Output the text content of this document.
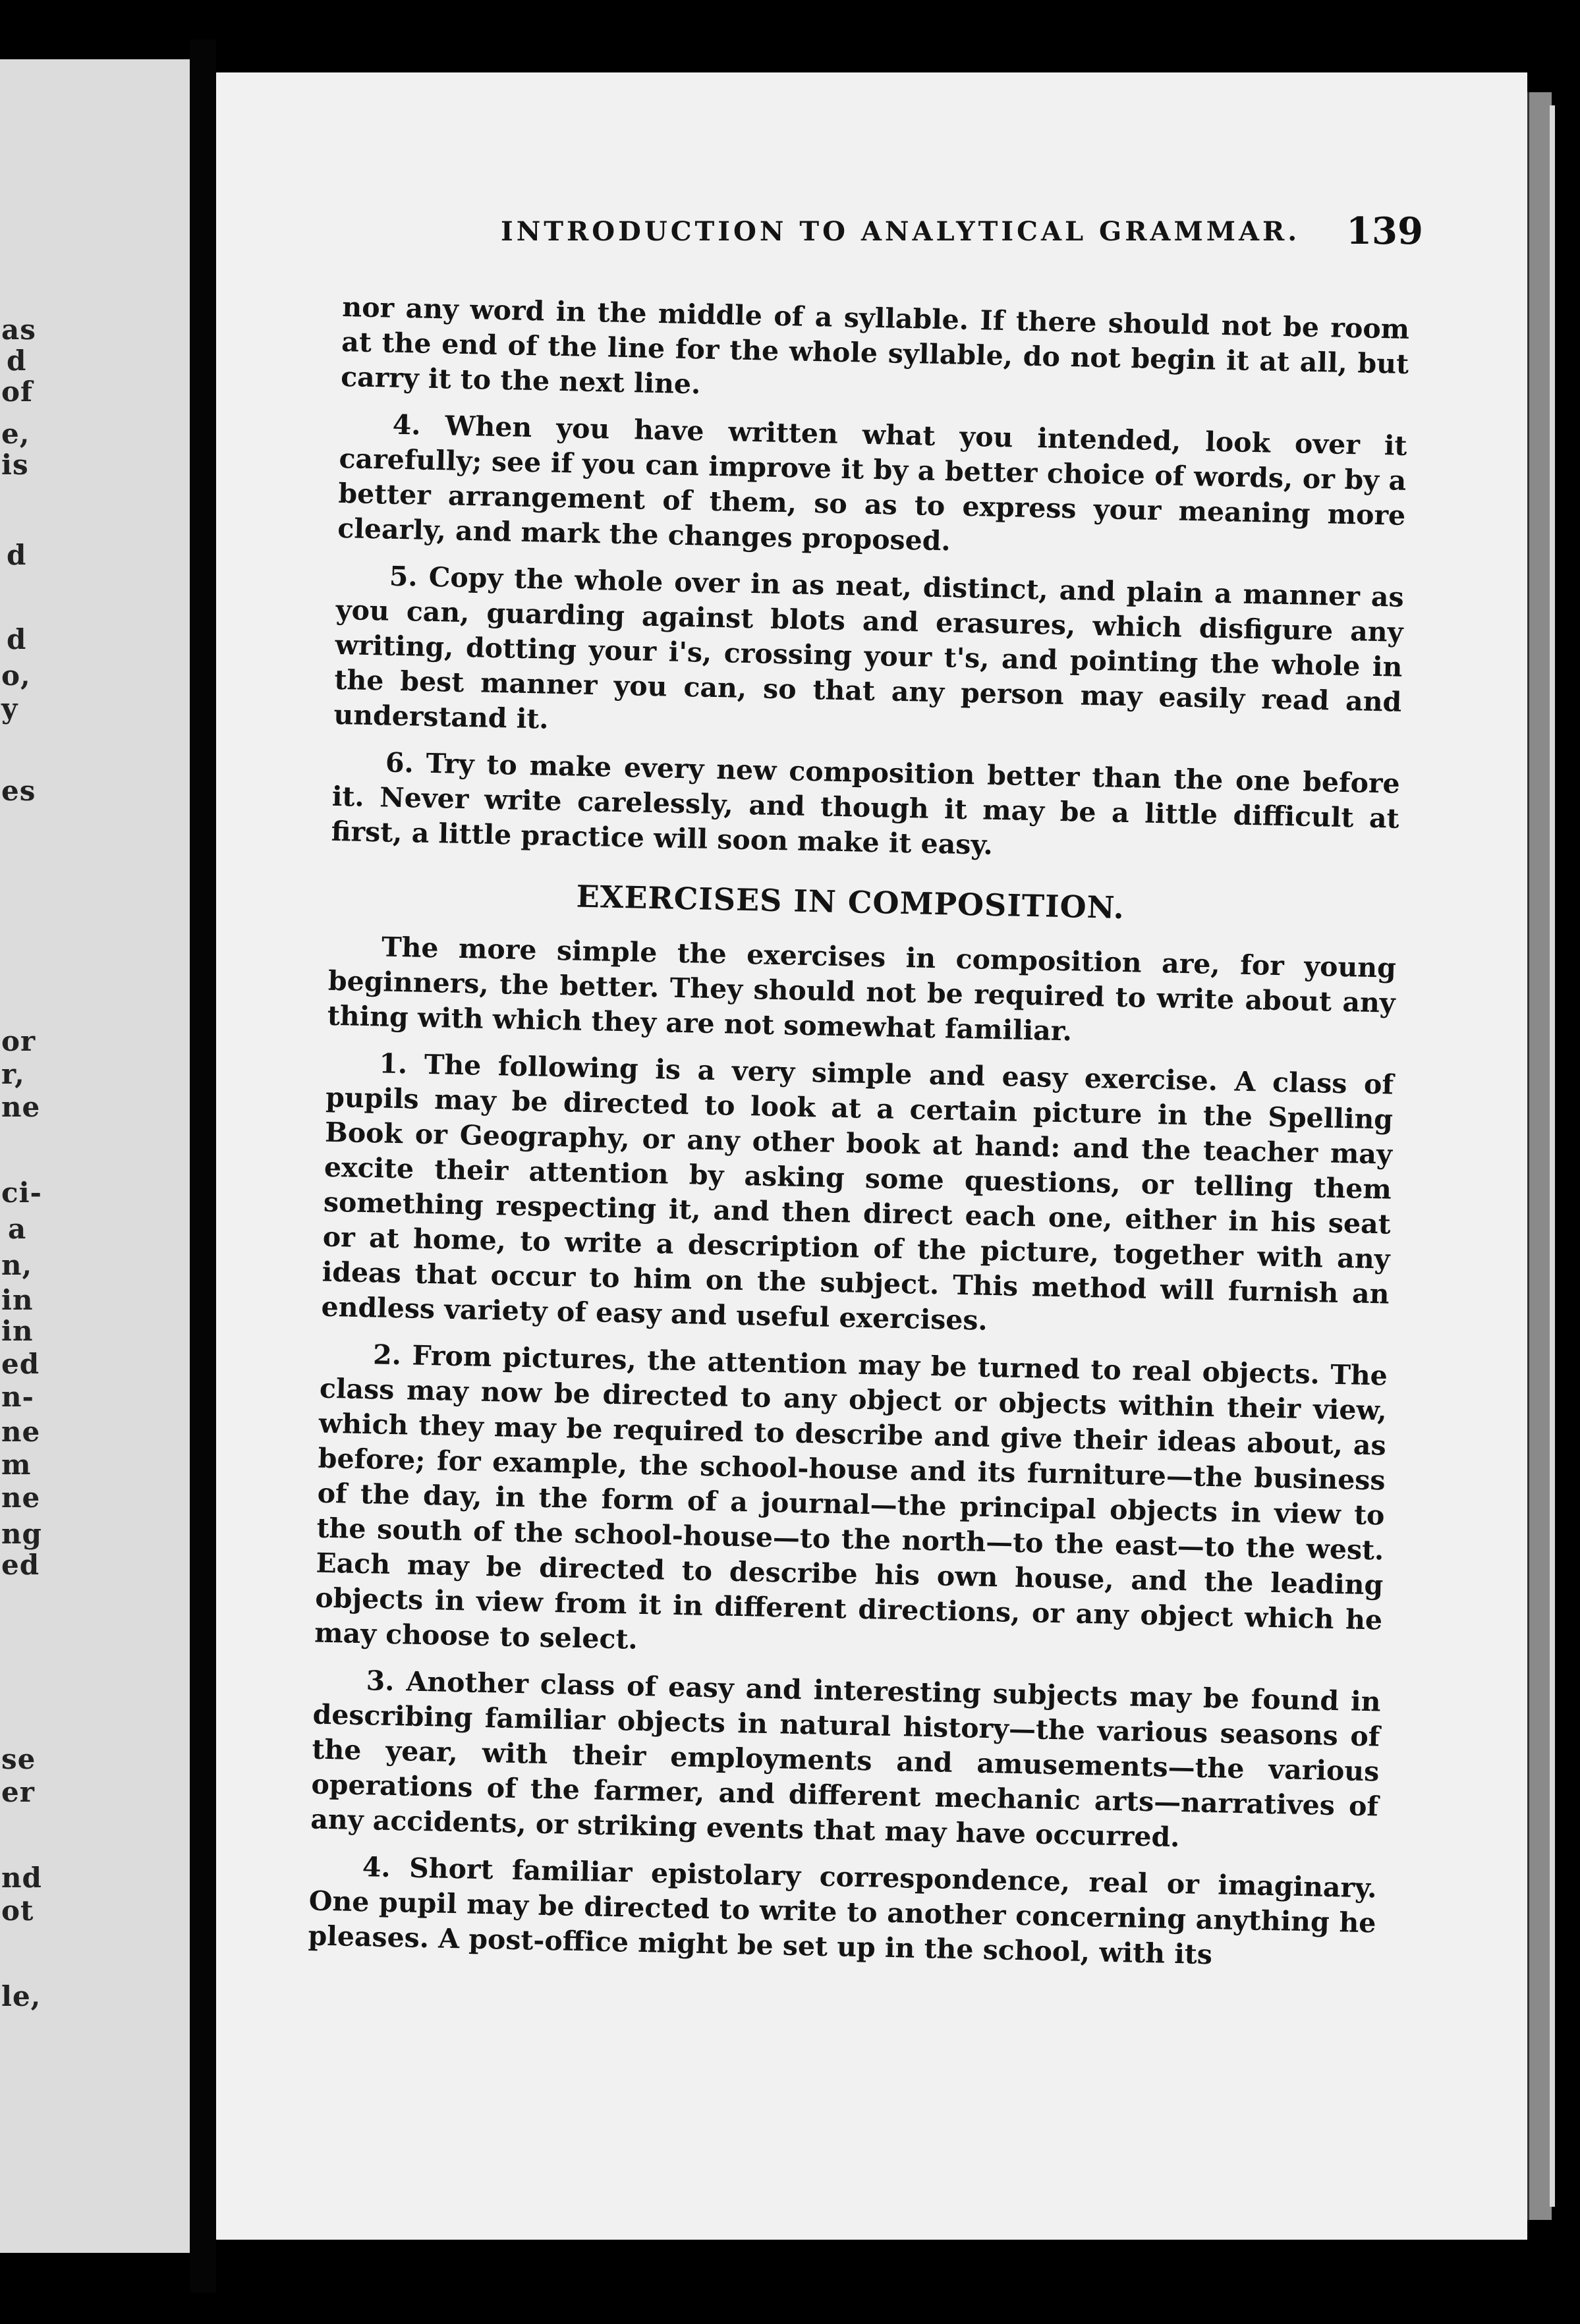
as
d
of
e,
is
d
d
o,
y
es
or
r,
ne
ci-
a
n,
in
in
ed
n-
ne
m
ne
ng
ed
se
er
nd
ot
le,
INTRODUCTION TO ANALYTICAL GRAMMAR. 139

nor any word in the middle of a syllable. If there should not be room at the end of the line for the whole syllable, do not begin it at all, but carry it to the next line.

4. When you have written what you intended, look over it carefully; see if you can improve it by a better choice of words, or by a better arrangement of them, so as to express your meaning more clearly, and mark the changes proposed.

5. Copy the whole over in as neat, distinct, and plain a manner as you can, guarding against blots and erasures, which disfigure any writing, dotting your i's, crossing your t's, and pointing the whole in the best manner you can, so that any person may easily read and understand it.

6. Try to make every new composition better than the one before it. Never write carelessly, and though it may be a little difficult at first, a little practice will soon make it easy.

EXERCISES IN COMPOSITION.

The more simple the exercises in composition are, for young beginners, the better. They should not be required to write about any thing with which they are not somewhat familiar.

1. The following is a very simple and easy exercise. A class of pupils may be directed to look at a certain picture in the Spelling Book or Geography, or any other book at hand: and the teacher may excite their attention by asking some questions, or telling them something respecting it, and then direct each one, either in his seat or at home, to write a description of the picture, together with any ideas that occur to him on the subject. This method will furnish an endless variety of easy and useful exercises.

2. From pictures, the attention may be turned to real objects. The class may now be directed to any object or objects within their view, which they may be required to describe and give their ideas about, as before; for example, the school-house and its furniture—the business of the day, in the form of a journal—the principal objects in view to the south of the school-house—to the north—to the east—to the west. Each may be directed to describe his own house, and the leading objects in view from it in different directions, or any object which he may choose to select.

3. Another class of easy and interesting subjects may be found in describing familiar objects in natural history—the various seasons of the year, with their employments and amusements—the various operations of the farmer, and different mechanic arts—narratives of any accidents, or striking events that may have occurred.

4. Short familiar epistolary correspondence, real or imaginary. One pupil may be directed to write to another concerning anything he pleases. A post-office might be set up in the school, with its
